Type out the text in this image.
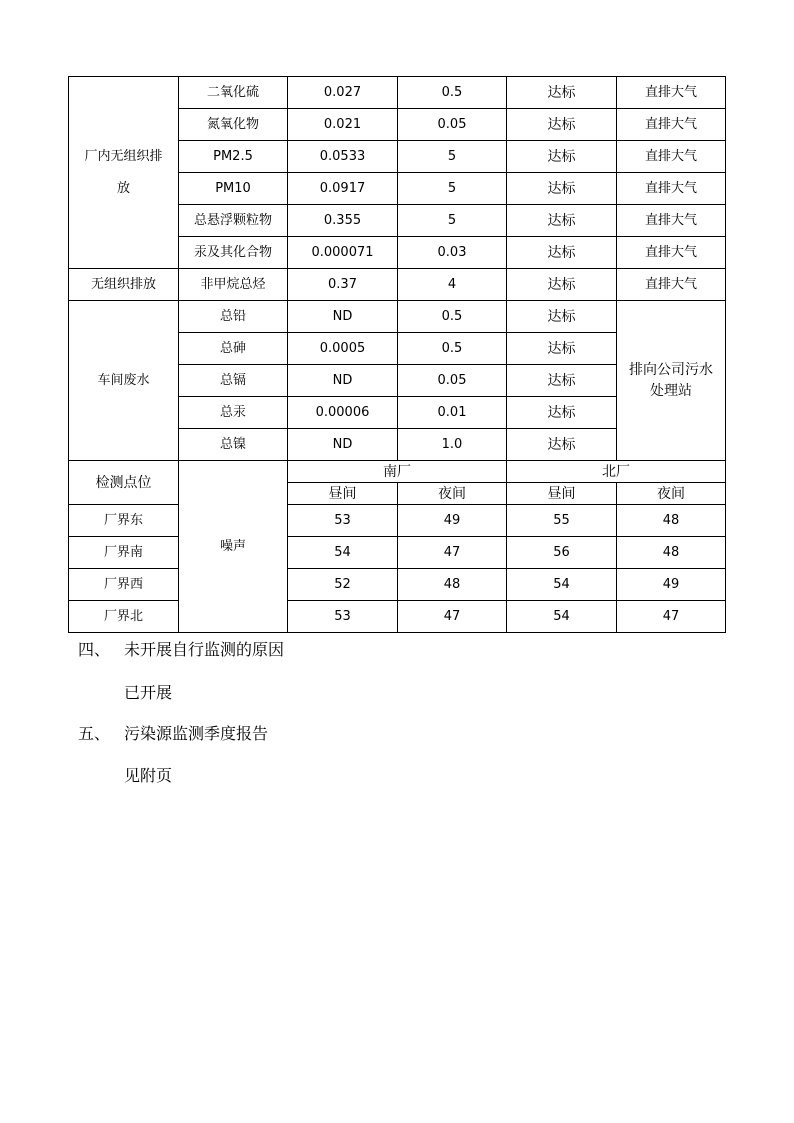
厂内无组织排放	二氧化硫	0.027	0.5	达标	直排大气
	氮氧化物	0.021	0.05	达标	直排大气
	PM2.5	0.0533	5	达标	直排大气
	PM10	0.0917	5	达标	直排大气
	总悬浮颗粒物	0.355	5	达标	直排大气
	汞及其化合物	0.000071	0.03	达标	直排大气
无组织排放	非甲烷总烃	0.37	4	达标	直排大气
车间废水	总铅	ND	0.5	达标	排向公司污水处理站
	总砷	0.0005	0.5	达标	
	总镉	ND	0.05	达标	
	总汞	0.00006	0.01	达标	
	总镍	ND	1.0	达标	
检测点位	噪声	南厂		北厂	
		昼间	夜间	昼间	夜间
厂界东		53	49	55	48
厂界南		54	47	56	48
厂界西		52	48	54	49
厂界北		53	47	54	47
四、 未开展自行监测的原因
已开展
五、 污染源监测季度报告
见附页
